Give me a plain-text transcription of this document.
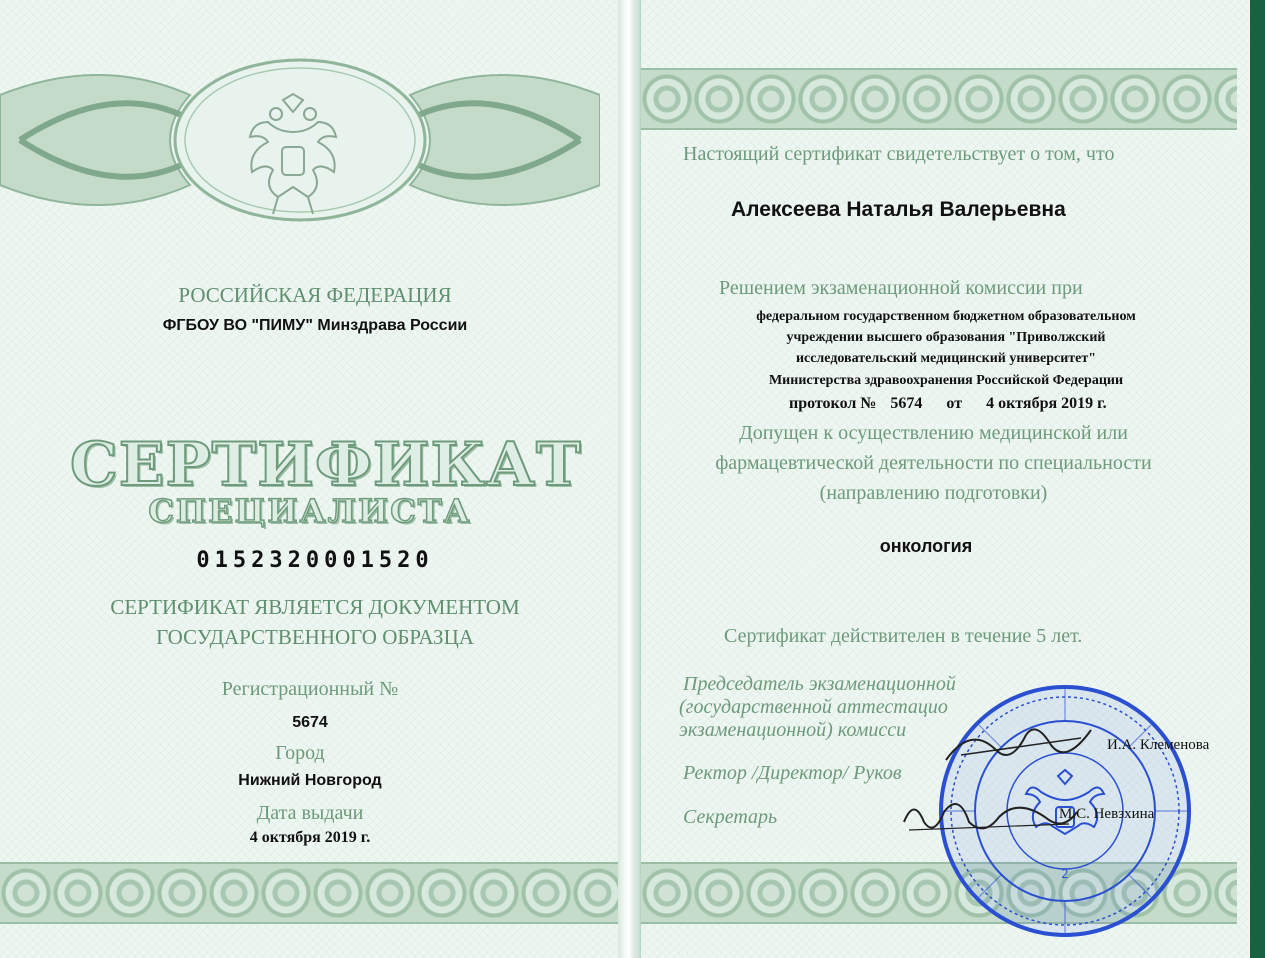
РОССИЙСКАЯ ФЕДЕРАЦИЯ

ФГБОУ ВО "ПИМУ" Минздрава России

СЕРТИФИКАТ
СПЕЦИАЛИСТА

0152320001520

СЕРТИФИКАТ ЯВЛЯЕТСЯ ДОКУМЕНТОМ

ГОСУДАРСТВЕННОГО ОБРАЗЦА

Регистрационный №

5674

Город

Нижний Новгород

Дата выдачи

4 октября 2019 г.

Настоящий сертификат свидетельствует о том, что

Алексеева Наталья Валерьевна

Решением экзаменационной комиссии при

федеральном государственном бюджетном образовательном

учреждении высшего образования "Приволжский

исследовательский медицинский университет"

Министерства здравоохранения Российской Федерации

протокол № 5674 от 4 октября 2019 г.

Допущен к осуществлению медицинской или

фармацевтической деятельности по специальности

(направлению подготовки)

онкология

Сертификат действителен в течение 5 лет.

Председатель экзаменационной

(государственной аттестацио

экзаменационной) комисси

Ректор /Директор/ Руков

Секретарь

2

И.А. Клеменова

М.С. Невзхина
